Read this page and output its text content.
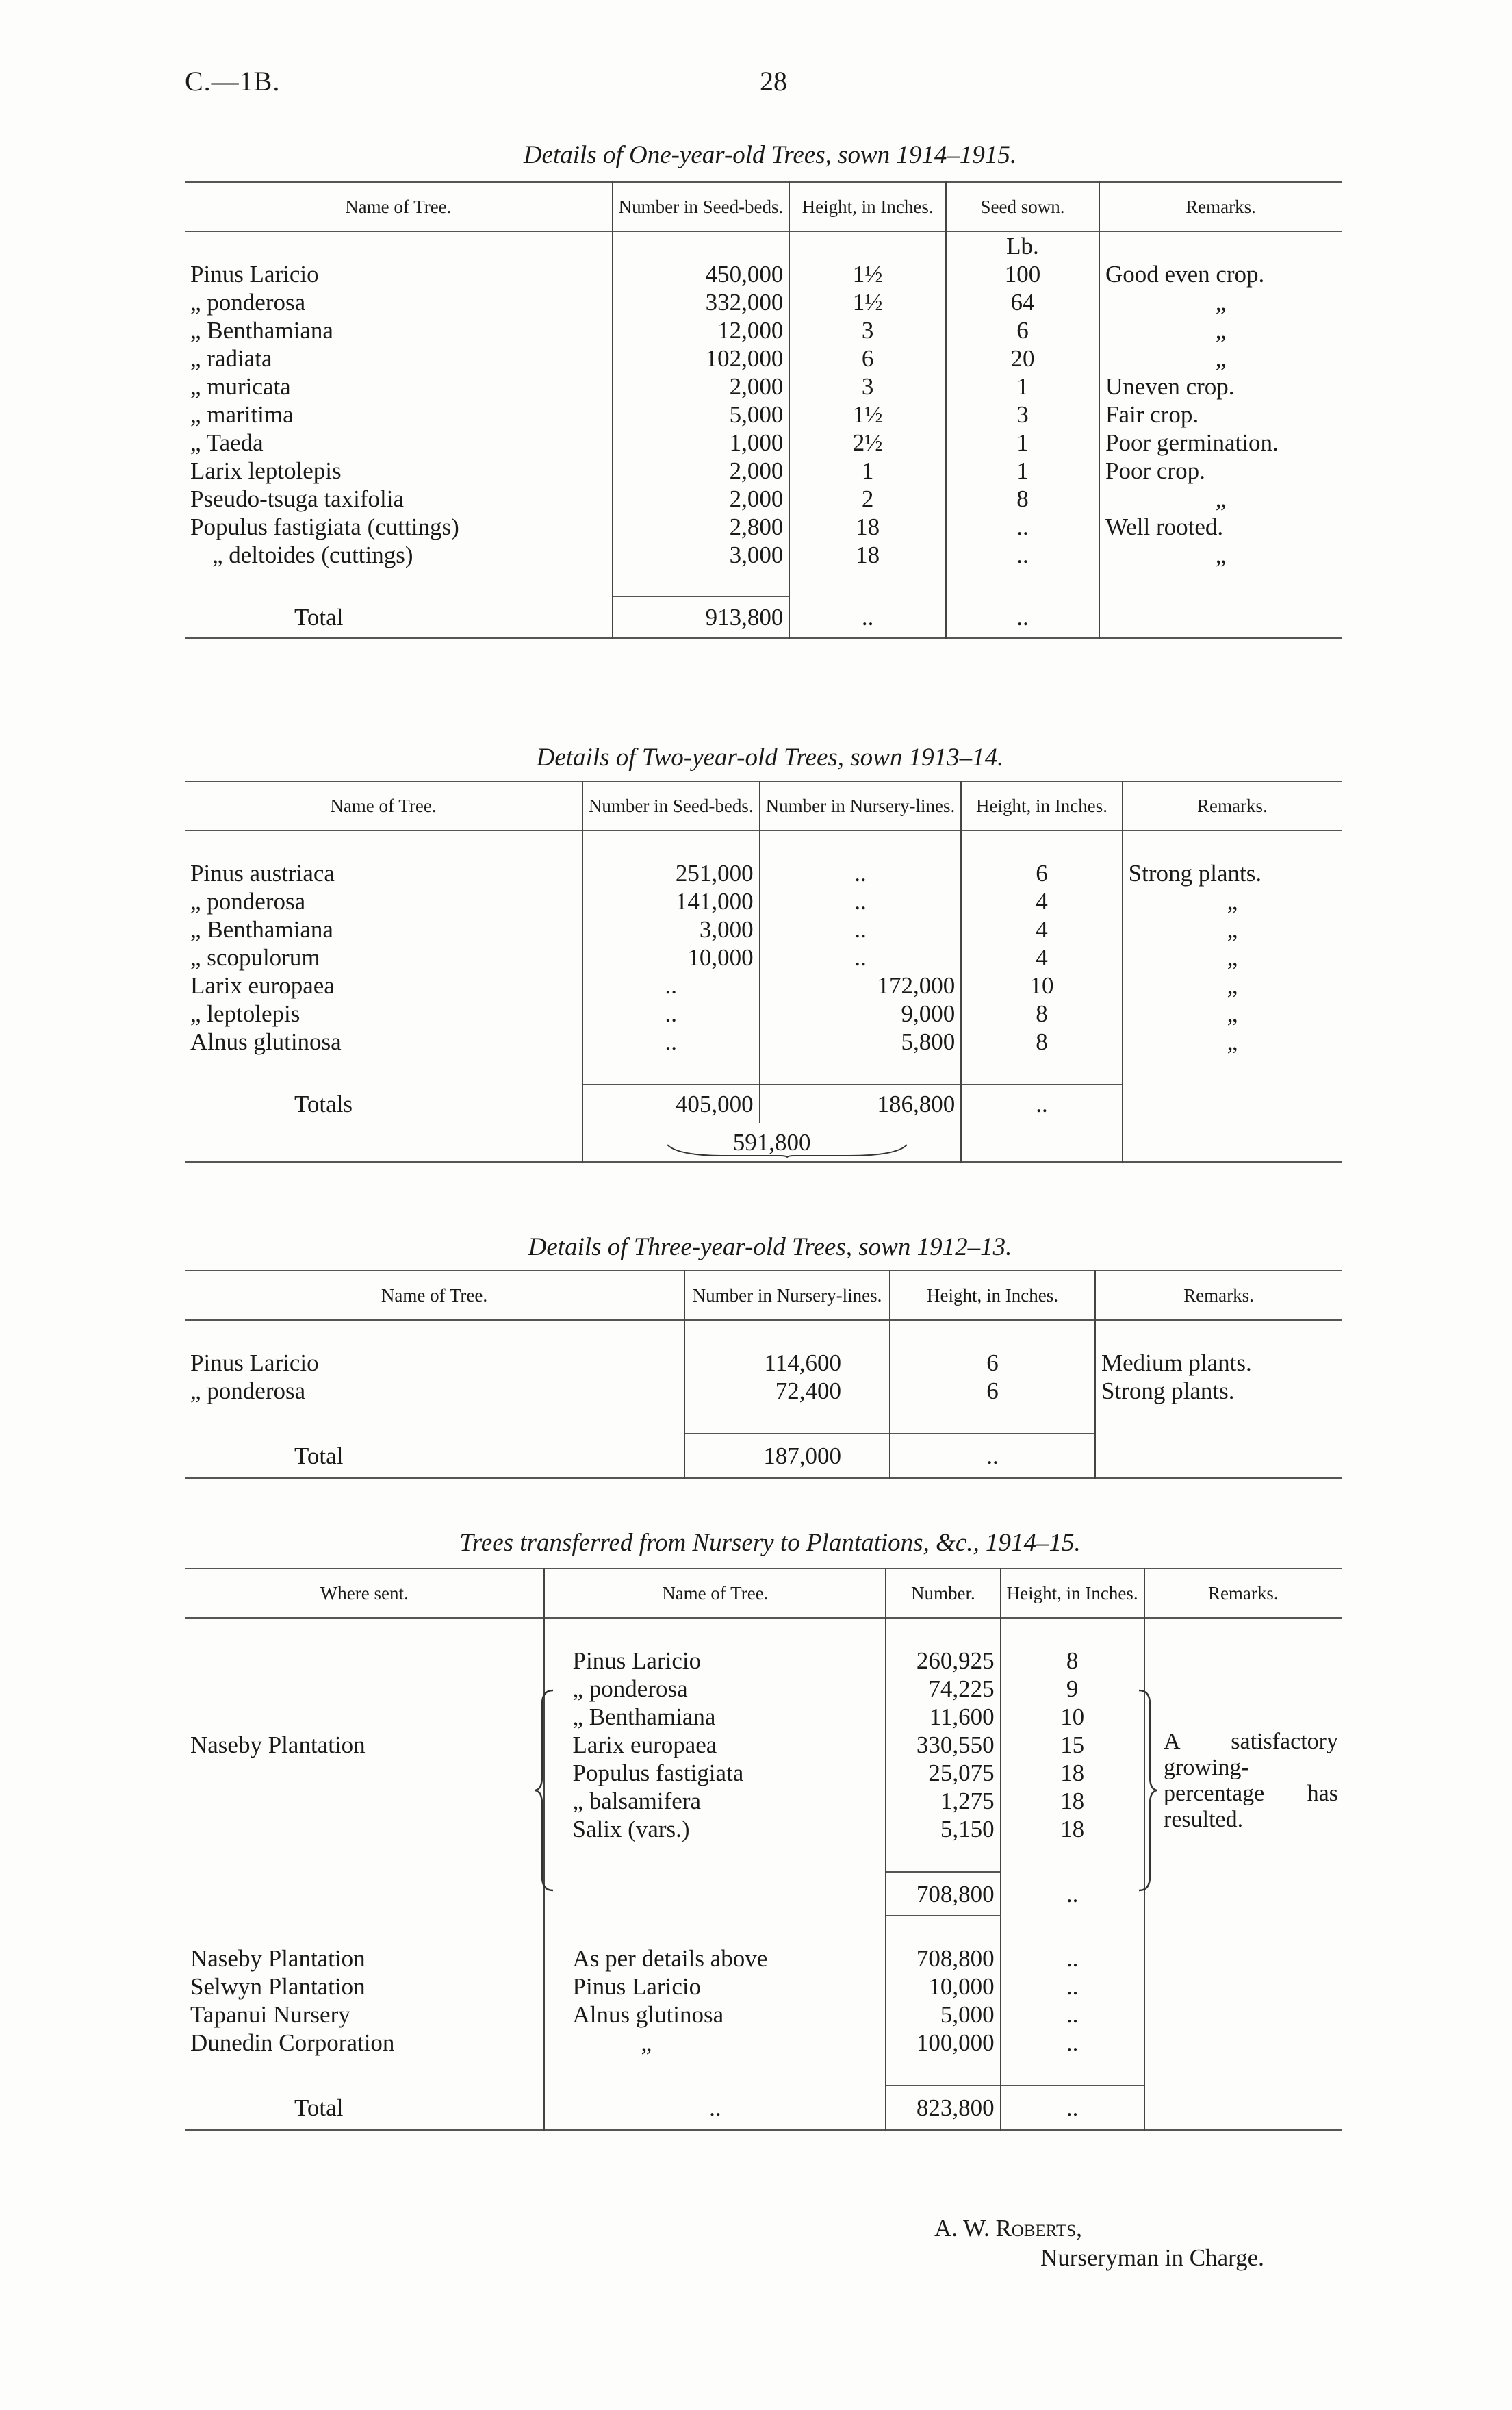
C.—1B.	28
Details of One-year-old Trees, sown 1914–1915.
Name of Tree.	Number in Seed-beds.	Height, in Inches.	Seed sown.	Remarks.
			Lb.	
Pinus Laricio	450,000	1½	100	Good even crop.
„ ponderosa	332,000	1½	64	„
„ Benthamiana	12,000	3	6	„
„ radiata	102,000	6	20	„
„ muricata	2,000	3	1	Uneven crop.
„ maritima	5,000	1½	3	Fair crop.
„ Taeda	1,000	2½	1	Poor germination.
Larix leptolepis	2,000	1	1	Poor crop.
Pseudo-tsuga taxifolia	2,000	2	8	„
Populus fastigiata (cuttings)	2,800	18	..	Well rooted.
„ deltoides (cuttings)	3,000	18	..	„

Total	913,800	..	..	
Details of Two-year-old Trees, sown 1913–14.
Name of Tree.	Number in Seed-beds.	Number in Nursery-lines.	Height, in Inches.	Remarks.

Pinus austriaca	251,000	..	6	Strong plants.
„ ponderosa	141,000	..	4	„
„ Benthamiana	3,000	..	4	„
„ scopulorum	10,000	..	4	„
Larix europaea	..	172,000	10	„
„ leptolepis	..	9,000	8	„
Alnus glutinosa	..	5,800	8	„

Totals	405,000	186,800	..	
	591,800			
Details of Three-year-old Trees, sown 1912–13.
Name of Tree.	Number in Nursery-lines.	Height, in Inches.	Remarks.

Pinus Laricio	114,600	6	Medium plants.
„ ponderosa	72,400	6	Strong plants.

Total	187,000	..	
Trees transferred from Nursery to Plantations, &c., 1914–15.
Where sent.	Name of Tree.	Number.	Height, in Inches.	Remarks.

	Pinus Laricio	260,925	8	
	„ ponderosa	74,225	9	
	„ Benthamiana	11,600	10	
Naseby Plantation	Larix europaea	330,550	15	
	Populus fastigiata	25,075	18	
	„ balsamifera	1,275	18	
	Salix (vars.)	5,150	18	

		708,800	..	

Naseby Plantation	As per details above	708,800	..	
Selwyn Plantation	Pinus Laricio	10,000	..	
Tapanui Nursery	Alnus glutinosa	5,000	..	
Dunedin Corporation	„	100,000	..	

Total	..	823,800	..	
A satisfactory growing-percentage has resulted.
A. W. Roberts,
Nurseryman in Charge.
